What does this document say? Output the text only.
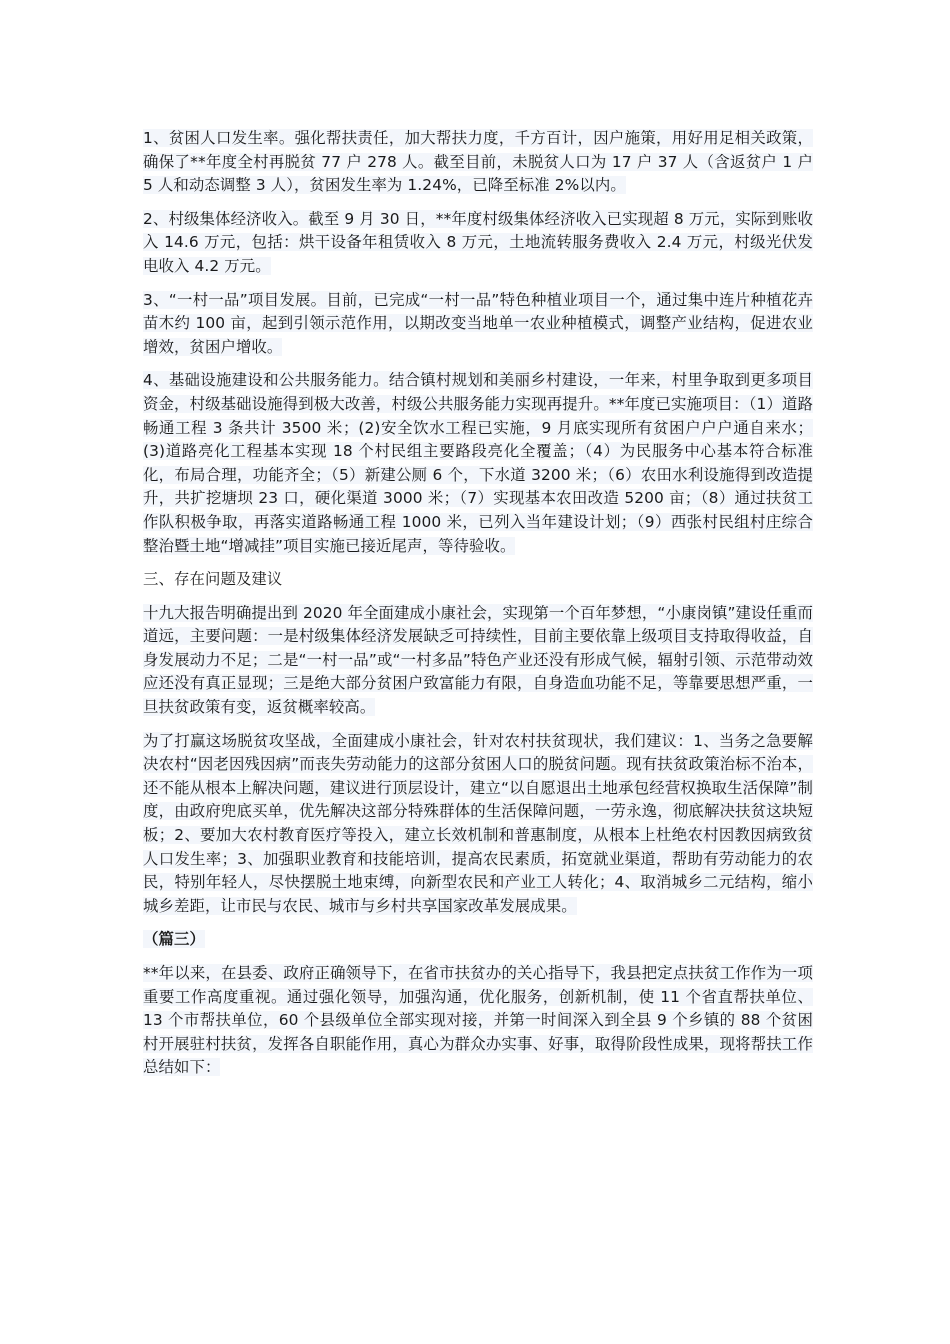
1、贫困人口发生率。强化帮扶责任，加大帮扶力度，千方百计，因户施策，用好用足相关政策，确保了**年度全村再脱贫 77 户 278 人。截至目前，未脱贫人口为 17 户 37 人（含返贫户 1 户 5 人和动态调整 3 人），贫困发生率为 1.24%，已降至标准 2%以内。

2、村级集体经济收入。截至 9 月 30 日，**年度村级集体经济收入已实现超 8 万元，实际到账收入 14.6 万元，包括：烘干设备年租赁收入 8 万元，土地流转服务费收入 2.4 万元，村级光伏发电收入 4.2 万元。

3、“一村一品”项目发展。目前，已完成“一村一品”特色种植业项目一个，通过集中连片种植花卉苗木约 100 亩，起到引领示范作用，以期改变当地单一农业种植模式，调整产业结构，促进农业增效，贫困户增收。

4、基础设施建设和公共服务能力。结合镇村规划和美丽乡村建设，一年来，村里争取到更多项目资金，村级基础设施得到极大改善，村级公共服务能力实现再提升。**年度已实施项目：（1）道路畅通工程 3 条共计 3500 米；(2)安全饮水工程已实施，9 月底实现所有贫困户户户通自来水；(3)道路亮化工程基本实现 18 个村民组主要路段亮化全覆盖；（4）为民服务中心基本符合标准化，布局合理，功能齐全；（5）新建公厕 6 个，下水道 3200 米；（6）农田水利设施得到改造提升，共扩挖塘坝 23 口，硬化渠道 3000 米；（7）实现基本农田改造 5200 亩；（8）通过扶贫工作队积极争取，再落实道路畅通工程 1000 米，已列入当年建设计划；（9）西张村民组村庄综合整治暨土地“增减挂”项目实施已接近尾声，等待验收。

三、存在问题及建议

十九大报告明确提出到 2020 年全面建成小康社会，实现第一个百年梦想，“小康岗镇”建设任重而道远，主要问题：一是村级集体经济发展缺乏可持续性，目前主要依靠上级项目支持取得收益，自身发展动力不足；二是“一村一品”或“一村多品”特色产业还没有形成气候，辐射引领、示范带动效应还没有真正显现；三是绝大部分贫困户致富能力有限，自身造血功能不足，等靠要思想严重，一旦扶贫政策有变，返贫概率较高。

为了打赢这场脱贫攻坚战，全面建成小康社会，针对农村扶贫现状，我们建议：1、当务之急要解决农村“因老因残因病”而丧失劳动能力的这部分贫困人口的脱贫问题。现有扶贫政策治标不治本，还不能从根本上解决问题，建议进行顶层设计，建立“以自愿退出土地承包经营权换取生活保障”制度，由政府兜底买单，优先解决这部分特殊群体的生活保障问题，一劳永逸，彻底解决扶贫这块短板；2、要加大农村教育医疗等投入，建立长效机制和普惠制度，从根本上杜绝农村因教因病致贫人口发生率；3、加强职业教育和技能培训，提高农民素质，拓宽就业渠道，帮助有劳动能力的农民，特别年轻人，尽快摆脱土地束缚，向新型农民和产业工人转化；4、取消城乡二元结构，缩小城乡差距，让市民与农民、城市与乡村共享国家改革发展成果。

（篇三）

**年以来，在县委、政府正确领导下，在省市扶贫办的关心指导下，我县把定点扶贫工作作为一项重要工作高度重视。通过强化领导，加强沟通，优化服务，创新机制，使 11 个省直帮扶单位、 13 个市帮扶单位，60 个县级单位全部实现对接，并第一时间深入到全县 9 个乡镇的 88 个贫困村开展驻村扶贫，发挥各自职能作用，真心为群众办实事、好事，取得阶段性成果，现将帮扶工作总结如下：
